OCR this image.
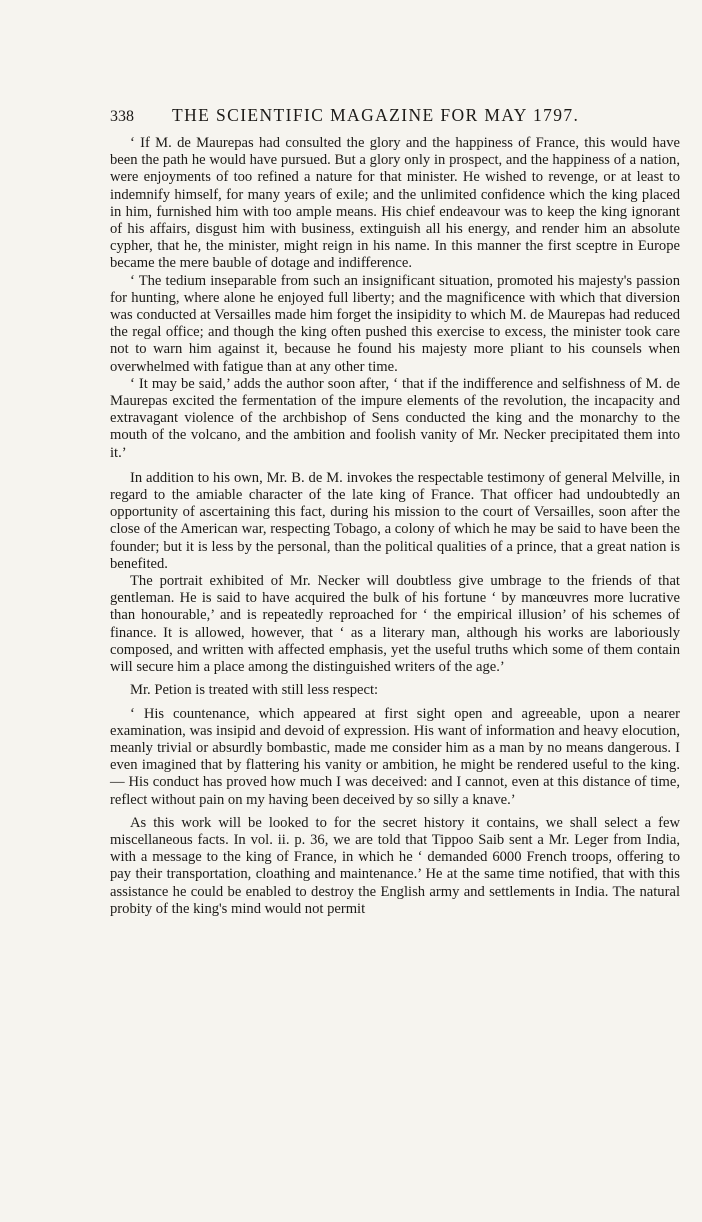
338	THE SCIENTIFIC MAGAZINE FOR MAY 1797.

‘ If M. de Maurepas had consulted the glory and the happiness of France, this would have been the path he would have pursued. But a glory only in prospect, and the happiness of a nation, were enjoyments of too refined a nature for that minister. He wished to revenge, or at least to indemnify himself, for many years of exile; and the unlimited confidence which the king placed in him, furnished him with too ample means. His chief endeavour was to keep the king ignorant of his affairs, disgust him with business, extinguish all his energy, and render him an absolute cypher, that he, the minister, might reign in his name. In this manner the first sceptre in Europe became the mere bauble of dotage and indifference.

‘ The tedium inseparable from such an insignificant situation, promoted his majesty's passion for hunting, where alone he enjoyed full liberty; and the magnificence with which that diversion was conducted at Versailles made him forget the insipidity to which M. de Maurepas had reduced the regal office; and though the king often pushed this exercise to excess, the minister took care not to warn him against it, because he found his majesty more pliant to his counsels when overwhelmed with fatigue than at any other time.

‘ It may be said,’ adds the author soon after, ‘ that if the indifference and selfishness of M. de Maurepas excited the fermentation of the impure elements of the revolution, the incapacity and extravagant violence of the archbishop of Sens conducted the king and the monarchy to the mouth of the volcano, and the ambition and foolish vanity of Mr. Necker precipitated them into it.’

In addition to his own, Mr. B. de M. invokes the respectable testimony of general Melville, in regard to the amiable character of the late king of France. That officer had undoubtedly an opportunity of ascertaining this fact, during his mission to the court of Versailles, soon after the close of the American war, respecting Tobago, a colony of which he may be said to have been the founder; but it is less by the personal, than the political qualities of a prince, that a great nation is benefited.

The portrait exhibited of Mr. Necker will doubtless give umbrage to the friends of that gentleman. He is said to have acquired the bulk of his fortune ‘ by manœuvres more lucrative than honourable,’ and is repeatedly reproached for ‘ the empirical illusion’ of his schemes of finance. It is allowed, however, that ‘ as a literary man, although his works are laboriously composed, and written with affected emphasis, yet the useful truths which some of them contain will secure him a place among the distinguished writers of the age.’

Mr. Petion is treated with still less respect:

‘ His countenance, which appeared at first sight open and agreeable, upon a nearer examination, was insipid and devoid of expression. His want of information and heavy elocution, meanly trivial or absurdly bombastic, made me consider him as a man by no means dangerous. I even imagined that by flattering his vanity or ambition, he might be rendered useful to the king.— His conduct has proved how much I was deceived: and I cannot, even at this distance of time, reflect without pain on my having been deceived by so silly a knave.’

As this work will be looked to for the secret history it contains, we shall select a few miscellaneous facts. In vol. ii. p. 36, we are told that Tippoo Saib sent a Mr. Leger from India, with a message to the king of France, in which he ‘ demanded 6000 French troops, offering to pay their transportation, cloathing and maintenance.’ He at the same time notified, that with this assistance he could be enabled to destroy the English army and settlements in India. The natural probity of the king's mind would not permit
